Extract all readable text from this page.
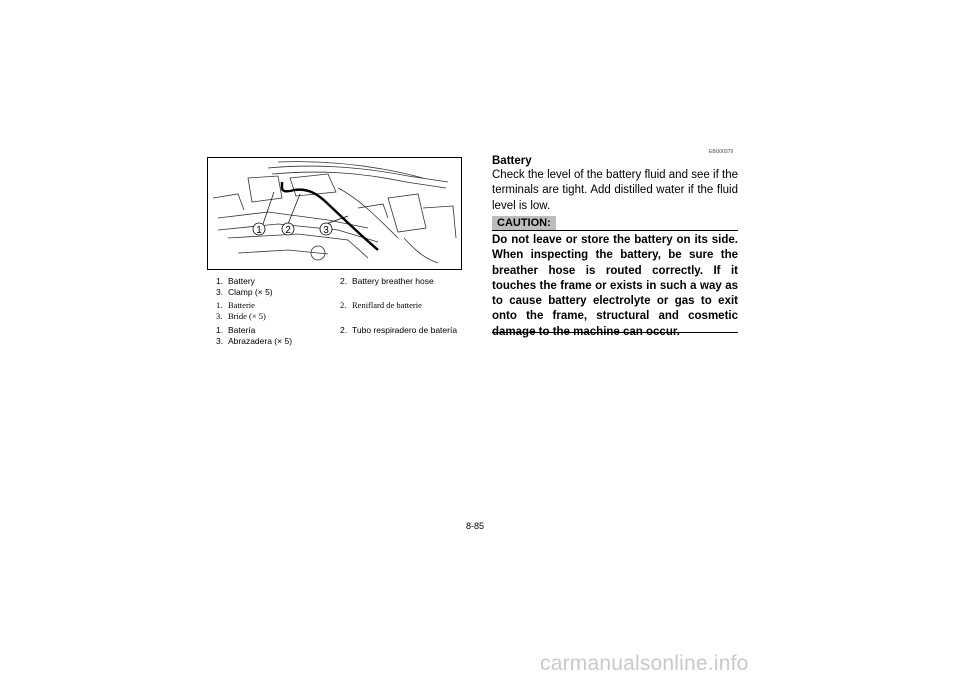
1 2	3
1. Battery	2. Battery breather hose
3. Clamp (× 5)
1. Batterie	2. Reniflard de batterie
3. Bride (× 5)
1. Batería	2. Tubo respiradero de batería
3. Abrazadera (× 5)
EBU00379
Battery
Check the level of the battery fluid and see if the terminals are tight. Add distilled water if the fluid level is low.
CAUTION:
Do not leave or store the battery on its side. When inspecting the battery, be sure the breather hose is routed correctly. If it touches the frame or exists in such a way as to cause battery electrolyte or gas to exit onto the frame, structural and cosmetic damage to the machine can occur.
8-85
carmanualsonline.info
